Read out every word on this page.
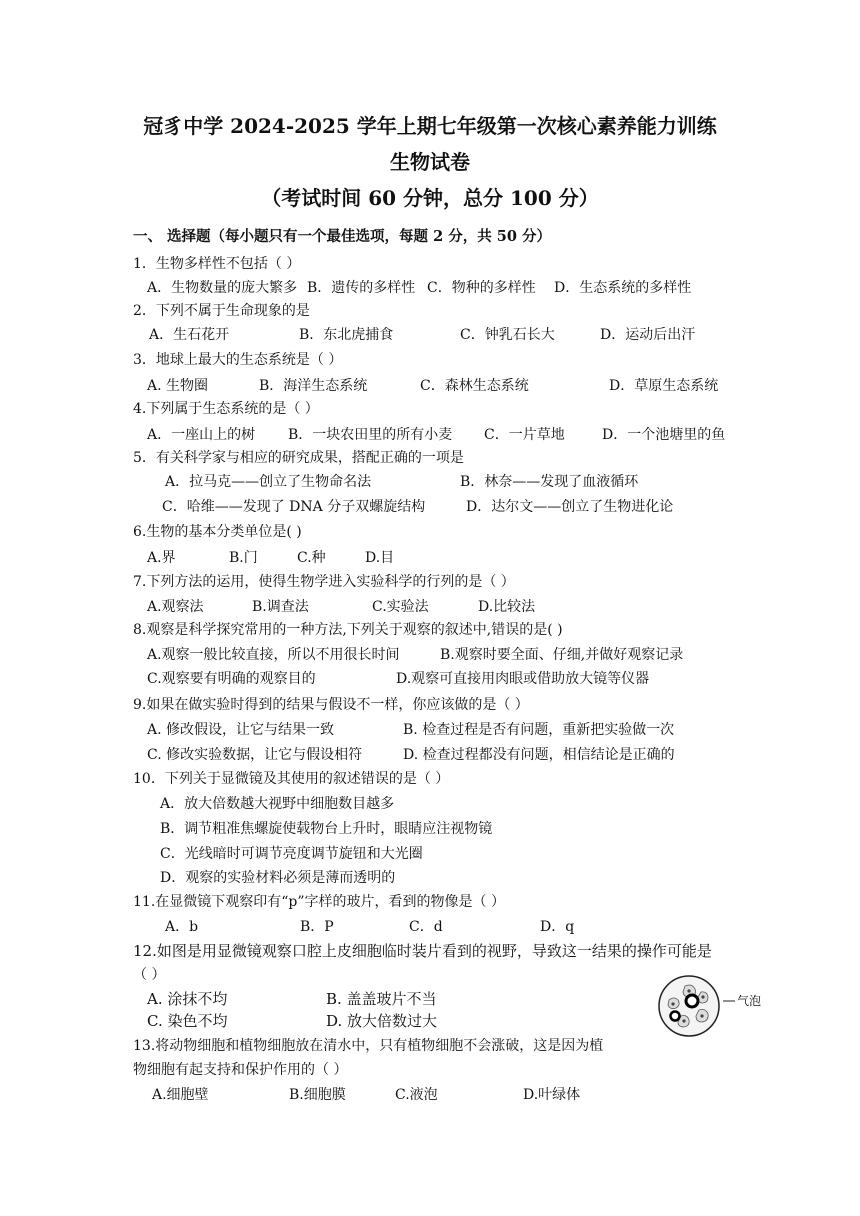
冠豸中学 2024-2025 学年上期七年级第一次核心素养能力训练
生物试卷
（考试时间 60 分钟，总分 100 分）
一、 选择题（每小题只有一个最佳选项，每题 2 分，共 50 分）
1．生物多样性不包括（ ）
A．生物数量的庞大繁多 B．遗传的多样性 C．物种的多样性 D．生态系统的多样性
2．下列不属于生命现象的是
A．生石花开	B．东北虎捕食	C．钟乳石长大	D．运动后出汗
3．地球上最大的生态系统是（ ）
A. 生物圈	B．海洋生态系统	C．森林生态系统	D．草原生态系统
4.下列属于生态系统的是（ ）
A．一座山上的树 B．一块农田里的所有小麦 C．一片草地	D．一个池塘里的鱼
5．有关科学家与相应的研究成果，搭配正确的一项是
A．拉马克——创立了生物命名法	B．林奈——发现了血液循环
C．哈维——发现了 DNA 分子双螺旋结构	D．达尔文——创立了生物进化论
6.生物的基本分类单位是( )
A.界	B.门	C.种	D.目
7.下列方法的运用，使得生物学进入实验科学的行列的是（ ）
A.观察法	B.调查法	C.实验法	D.比较法
8.观察是科学探究常用的一种方法,下列关于观察的叙述中,错误的是( )
A.观察一般比较直接，所以不用很长时间	B.观察时要全面、仔细,并做好观察记录
C.观察要有明确的观察目的	D.观察可直接用肉眼或借助放大镜等仪器
9.如果在做实验时得到的结果与假设不一样，你应该做的是（ ）
A. 修改假设，让它与结果一致	B. 检查过程是否有问题，重新把实验做一次
C. 修改实验数据，让它与假设相符	D. 检查过程都没有问题，相信结论是正确的
10．下列关于显微镜及其使用的叙述错误的是（ ）
A．放大倍数越大视野中细胞数目越多
B．调节粗准焦螺旋使载物台上升时，眼睛应注视物镜
C．光线暗时可调节亮度调节旋钮和大光圈
D．观察的实验材料必须是薄而透明的
11.在显微镜下观察印有“p”字样的玻片，看到的物像是（ ）
A．b	B．P	C．d	D．q
12.如图是用显微镜观察口腔上皮细胞临时装片看到的视野，导致这一结果的操作可能是
（ ）
A. 涂抹不均	B. 盖盖玻片不当
C. 染色不均	D. 放大倍数过大
气泡
13.将动物细胞和植物细胞放在清水中，只有植物细胞不会涨破，这是因为植
物细胞有起支持和保护作用的（ ）
A.细胞壁	B.细胞膜	C.液泡	D.叶绿体
